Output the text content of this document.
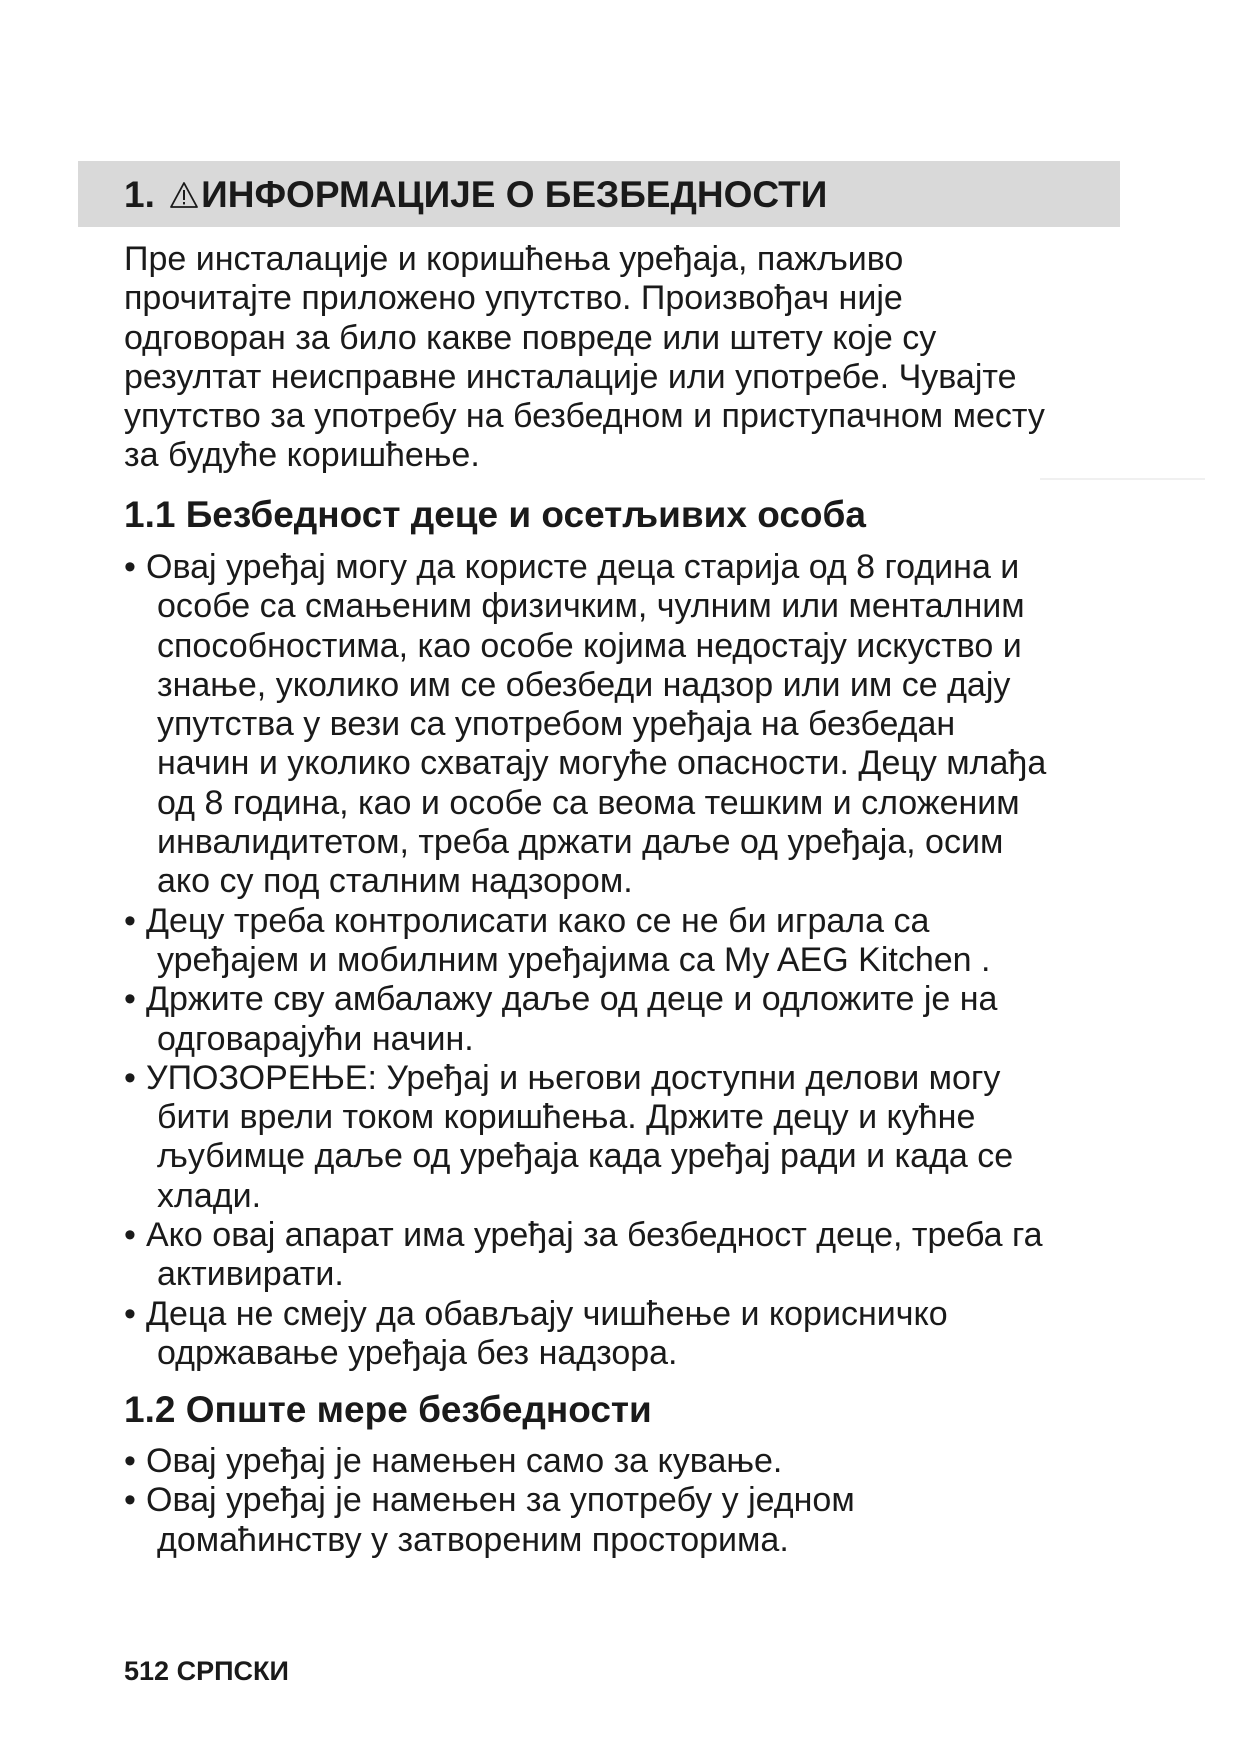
1. ИНФОРМАЦИЈЕ О БЕЗБЕДНОСТИ

Пре инсталације и коришћења уређаја, пажљиво
прочитајте приложено упутство. Произвођач није
одговоран за било какве повреде или штету које су
резултат неисправне инсталације или употребе. Чувајте
упутство за употребу на безбедном и приступачном месту
за будуће коришћење.

1.1 Безбедност деце и осетљивих особа
• Овај уређај могу да користе деца старија од 8 година и
особе са смањеним физичким, чулним или менталним
способностима, као особе којима недостају искуство и
знање, уколико им се обезбеди надзор или им се дају
упутства у вези са употребом уређаја на безбедан
начин и уколико схватају могуће опасности. Децу млађа
од 8 година, као и особе са веома тешким и сложеним
инвалидитетом, треба држати даље од уређаја, осим
ако су под сталним надзором.
• Децу треба контролисати како се не би играла са
уређајем и мобилним уређајима са My AEG Kitchen .
• Држите сву амбалажу даље од деце и одложите је на
одговарајући начин.
• УПОЗОРЕЊЕ: Уређај и његови доступни делови могу
бити врели током коришћења. Држите децу и кућне
љубимце даље од уређаја када уређај ради и када се
хлади.
• Ако овај апарат има уређај за безбедност деце, треба га
активирати.
• Деца не смеју да обављају чишћење и корисничко
одржавање уређаја без надзора.
1.2 Опште мере безбедности
• Овај уређај је намењен само за кување.
• Овај уређај је намењен за употребу у једном
домаћинству у затвореним просторима.
512 СРПСКИ
